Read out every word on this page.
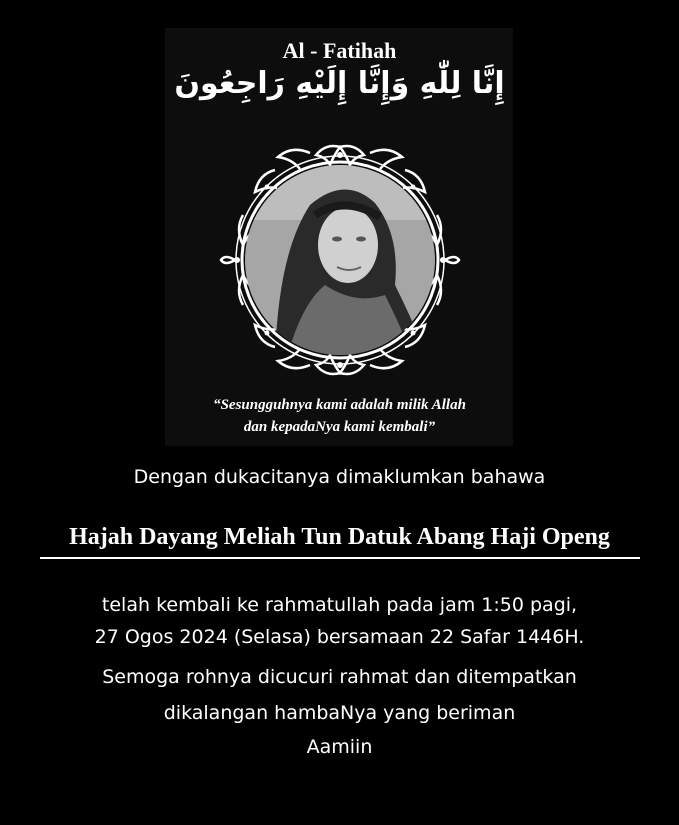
Al - Fatihah
إِنَّا لِلّٰهِ وَإِنَّا إِلَيْهِ رَاجِعُونَ
“Sesungguhnya kami adalah milik Allah
dan kepadaNya kami kembali”
Dengan dukacitanya dimaklumkan bahawa
Hajah Dayang Meliah Tun Datuk Abang Haji Openg
telah kembali ke rahmatullah pada jam 1:50 pagi,
27 Ogos 2024 (Selasa) bersamaan 22 Safar 1446H.
Semoga rohnya dicucuri rahmat dan ditempatkan
dikalangan hambaNya yang beriman
Aamiin
